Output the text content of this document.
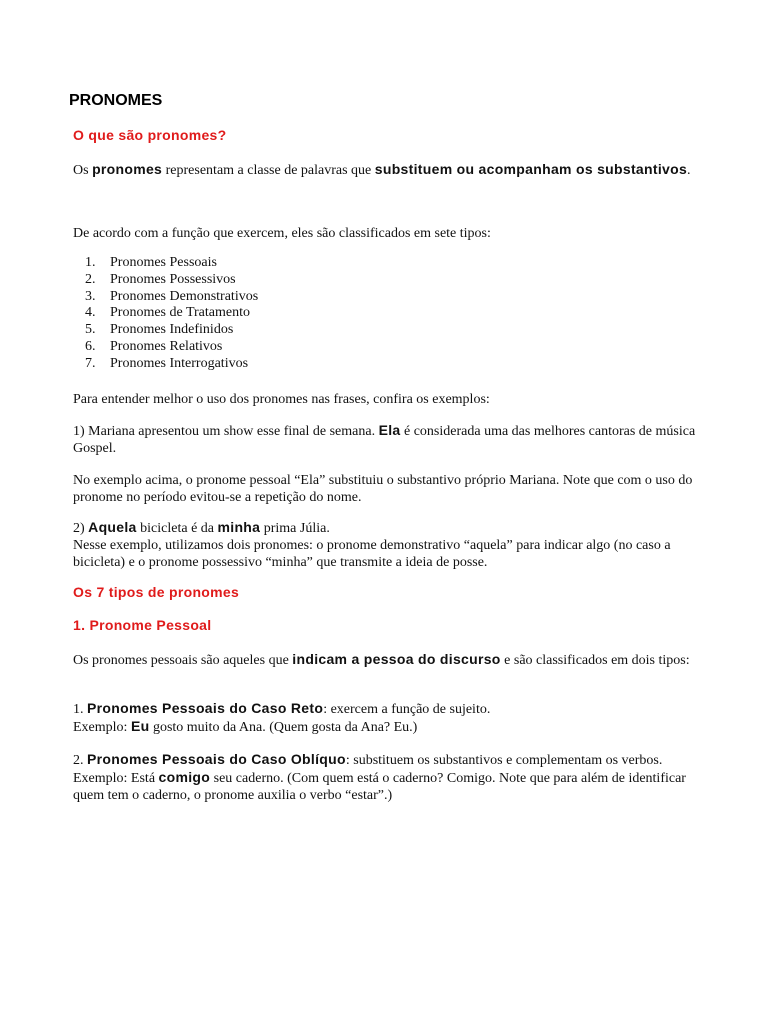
PRONOMES
O que são pronomes?

Os pronomes representam a classe de palavras que substituem ou acompanham os substantivos.

De acordo com a função que exercem, eles são classificados em sete tipos:

1. Pronomes Pessoais
2. Pronomes Possessivos
3. Pronomes Demonstrativos
4. Pronomes de Tratamento
5. Pronomes Indefinidos
6. Pronomes Relativos
7. Pronomes Interrogativos

Para entender melhor o uso dos pronomes nas frases, confira os exemplos:

1) Mariana apresentou um show esse final de semana. Ela é considerada uma das melhores cantoras de música Gospel.

No exemplo acima, o pronome pessoal “Ela” substituiu o substantivo próprio Mariana. Note que com o uso do pronome no período evitou-se a repetição do nome.

2) Aquela bicicleta é da minha prima Júlia.
Nesse exemplo, utilizamos dois pronomes: o pronome demonstrativo “aquela” para indicar algo (no caso a bicicleta) e o pronome possessivo “minha” que transmite a ideia de posse.

Os 7 tipos de pronomes
1. Pronome Pessoal

Os pronomes pessoais são aqueles que indicam a pessoa do discurso e são classificados em dois tipos:

1. Pronomes Pessoais do Caso Reto: exercem a função de sujeito.
Exemplo: Eu gosto muito da Ana. (Quem gosta da Ana? Eu.)

2. Pronomes Pessoais do Caso Oblíquo: substituem os substantivos e complementam os verbos.
Exemplo: Está comigo seu caderno. (Com quem está o caderno? Comigo. Note que para além de identificar quem tem o caderno, o pronome auxilia o verbo “estar”.)
